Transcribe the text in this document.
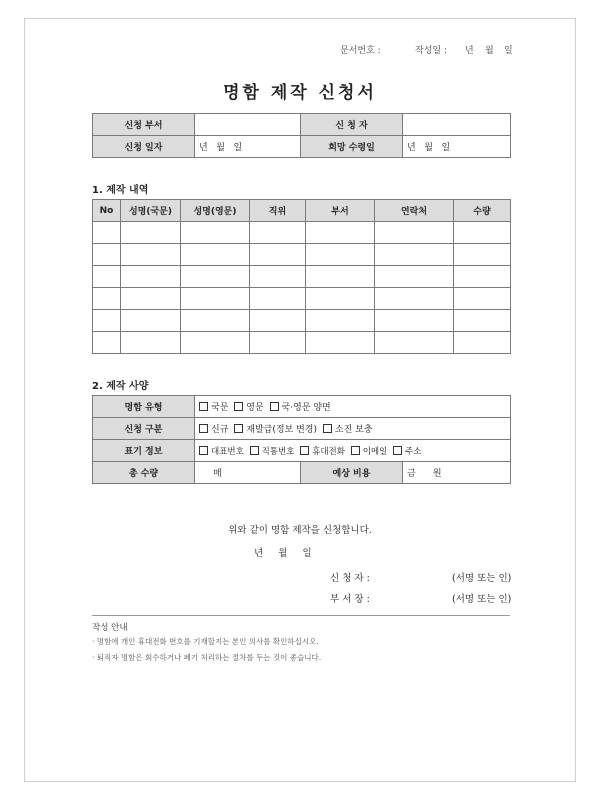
문서번호 :	작성일 : 년 월 일
명함 제작 신청서
신청 부서		신 청 자	
신청 일자	년   월   일	희망 수령일	년   월   일
1. 제작 내역
No	성명(국문)	성명(영문)	직위	부서	연락처	수량

2. 제작 사양
명함 유형	국문 영문 국·영문 양면		
신청 구분	신규 재발급(정보 변경) 소진 보충		
표기 정보	대표번호 직통번호 휴대전화 이메일 주소		
총 수량	매	예상 비용	금      원
위와 같이 명함 제작을 신청합니다.
년     월     일
신 청 자 :	(서명 또는 인)
부 서 장 :	(서명 또는 인)
작성 안내
· 명함에 개인 휴대전화 번호를 기재할지는 본인 의사를 확인하십시오.
· 퇴직자 명함은 회수하거나 폐기 처리하는 절차를 두는 것이 좋습니다.
